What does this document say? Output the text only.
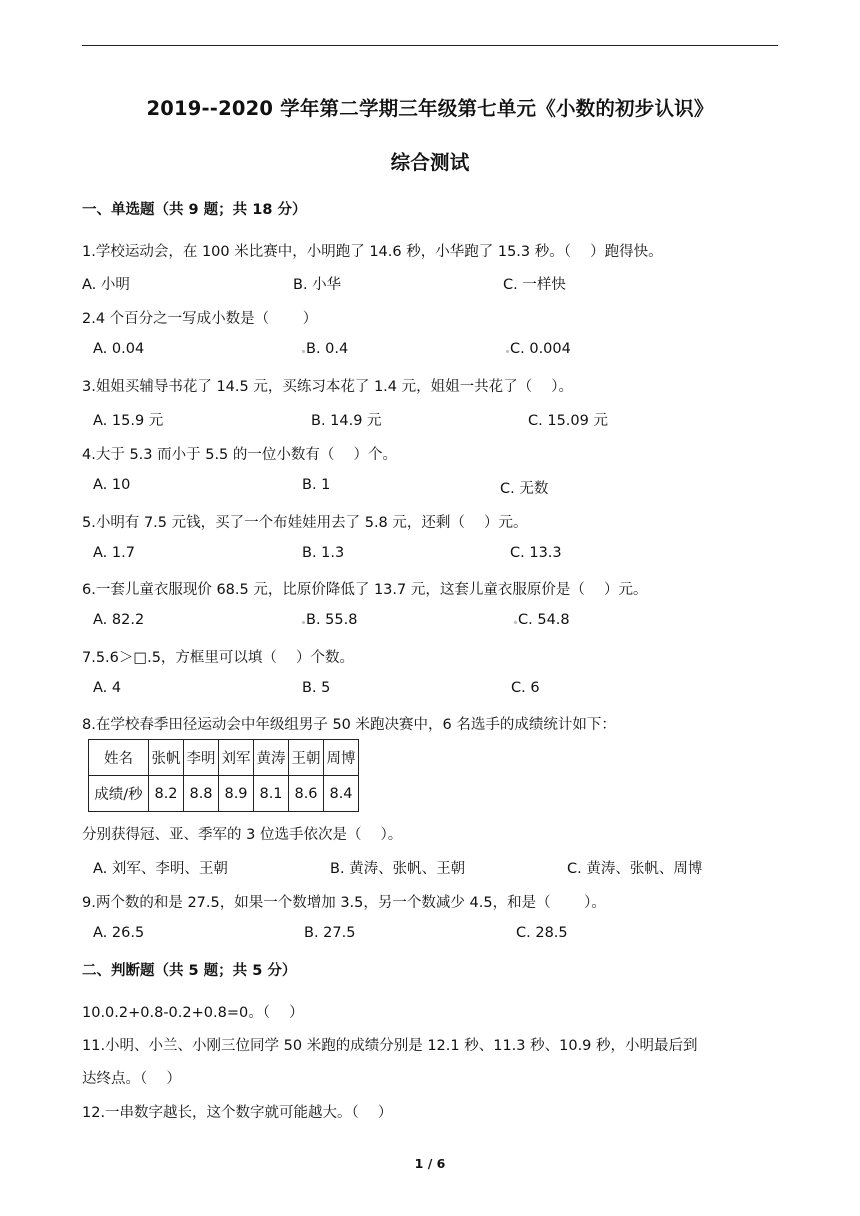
2019--2020 学年第二学期三年级第七单元《小数的初步认识》
综合测试
一、单选题（共 9 题；共 18 分）
1.学校运动会，在 100 米比赛中，小明跑了 14.6 秒，小华跑了 15.3 秒。（　 ）跑得快。
A. 小明	B. 小华	C. 一样快
2.4 个百分之一写成小数是（　 　）
A. 0.04	B. 0.4	C. 0.004
3.姐姐买辅导书花了 14.5 元，买练习本花了 1.4 元，姐姐一共花了（　 ）。
A. 15.9 元	B. 14.9 元	C. 15.09 元
4.大于 5.3 而小于 5.5 的一位小数有（　 ）个。
A. 10	B. 1	C. 无数
5.小明有 7.5 元钱，买了一个布娃娃用去了 5.8 元，还剩（　 ）元。
A. 1.7	B. 1.3	C. 13.3
6.一套儿童衣服现价 68.5 元，比原价降低了 13.7 元，这套儿童衣服原价是（　 ）元。
A. 82.2	B. 55.8	C. 54.8
7.5.6＞□.5，方框里可以填（　 ）个数。
A. 4	B. 5	C. 6
8.在学校春季田径运动会中年级组男子 50 米跑决赛中，6 名选手的成绩统计如下：
姓名	张帆	李明	刘军	黄涛	王朝	周博
成绩/秒	8.2	8.8	8.9	8.1	8.6	8.4
分别获得冠、亚、季军的 3 位选手依次是（　 ）。
A. 刘军、李明、王朝	B. 黄涛、张帆、王朝	C. 黄涛、张帆、周博
9.两个数的和是 27.5，如果一个数增加 3.5，另一个数减少 4.5，和是（　 　）。
A. 26.5	B. 27.5	C. 28.5
二、判断题（共 5 题；共 5 分）
10.0.2+0.8-0.2+0.8=0。（　 ）
11.小明、小兰、小刚三位同学 50 米跑的成绩分别是 12.1 秒、11.3 秒、10.9 秒，小明最后到
达终点。（　 ）
12.一串数字越长，这个数字就可能越大。（　 ）
1 / 6
